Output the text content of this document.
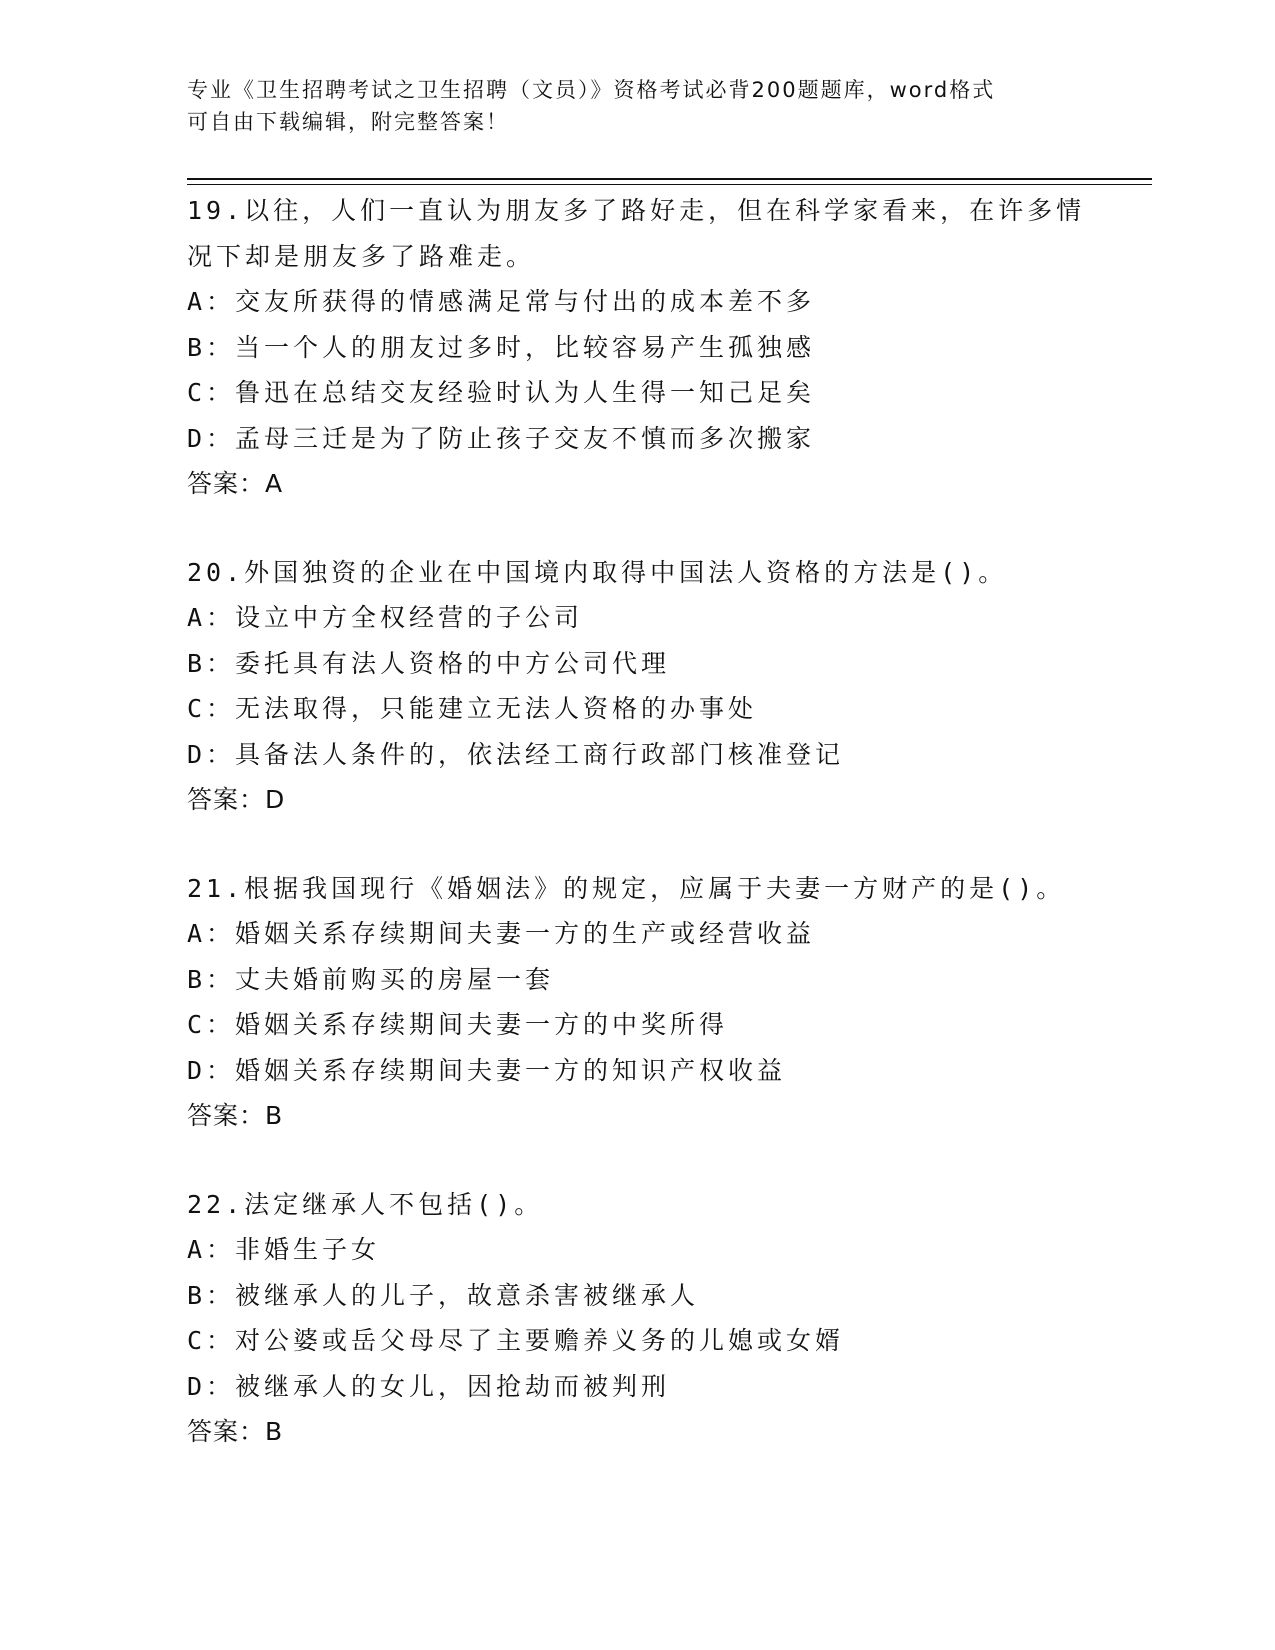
专业《卫生招聘考试之卫生招聘（文员）》资格考试必背200题题库，word格式
可自由下载编辑，附完整答案！
19.以往，人们一直认为朋友多了路好走，但在科学家看来，在许多情
况下却是朋友多了路难走。
A：交友所获得的情感满足常与付出的成本差不多
B：当一个人的朋友过多时，比较容易产生孤独感
C：鲁迅在总结交友经验时认为人生得一知己足矣
D：孟母三迁是为了防止孩子交友不慎而多次搬家
答案：A
20.外国独资的企业在中国境内取得中国法人资格的方法是()。
A：设立中方全权经营的子公司
B：委托具有法人资格的中方公司代理
C：无法取得，只能建立无法人资格的办事处
D：具备法人条件的，依法经工商行政部门核准登记
答案：D
21.根据我国现行《婚姻法》的规定，应属于夫妻一方财产的是()。
A：婚姻关系存续期间夫妻一方的生产或经营收益
B：丈夫婚前购买的房屋一套
C：婚姻关系存续期间夫妻一方的中奖所得
D：婚姻关系存续期间夫妻一方的知识产权收益
答案：B
22.法定继承人不包括()。
A：非婚生子女
B：被继承人的儿子，故意杀害被继承人
C：对公婆或岳父母尽了主要赡养义务的儿媳或女婿
D：被继承人的女儿，因抢劫而被判刑
答案：B
